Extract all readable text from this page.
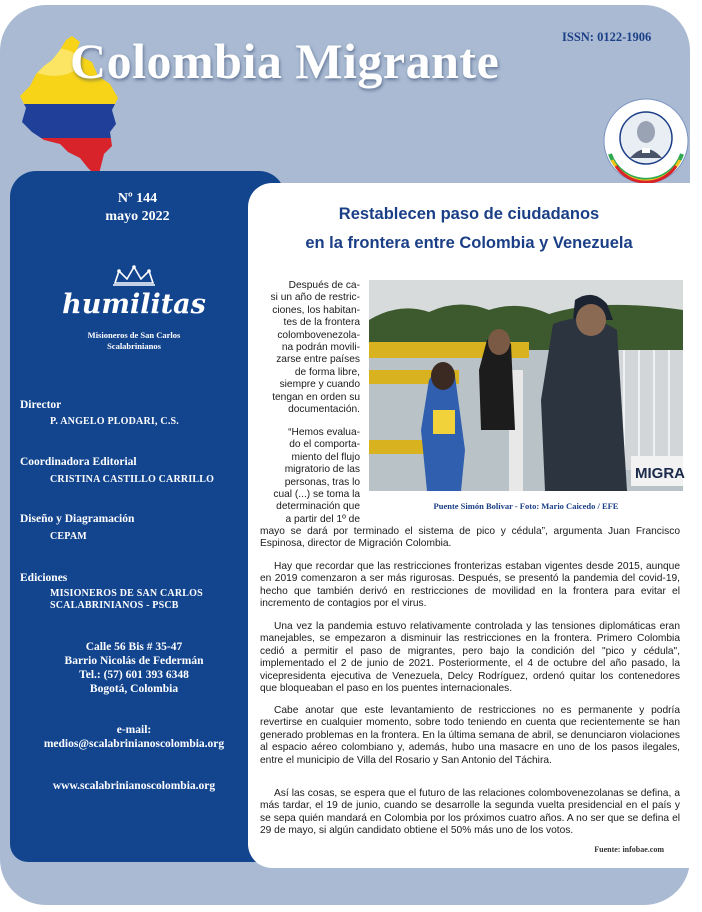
Colombia Migrante	ISSN: 0122-1906
Nº 144
mayo 2022
humilitas
Misioneros de San Carlos
Scalabrinianos
Director
P. ANGELO PLODARI, C.S.
Coordinadora Editorial
CRISTINA CASTILLO CARRILLO
Diseño y Diagramación
CEPAM
Ediciones
MISIONEROS DE SAN CARLOS
SCALABRINIANOS - PSCB
Calle 56 Bis # 35-47
Barrio Nicolás de Federmán
Tel.: (57) 601 393 6348
Bogotá, Colombia
e-mail:
medios@scalabrinianoscolombia.org
www.scalabrinianoscolombia.org
Restablecen paso de ciudadanos
en la frontera entre Colombia y Venezuela
MIGRA
Puente Simón Bolívar - Foto: Mario Caicedo / EFE
Después de ca-
si un año de restric-
ciones, los habitan-
tes de la frontera
colombovenezola-
na podrán movili-
zarse entre países
de forma libre,
siempre y cuando
tengan en orden su
documentación.
“Hemos evalua-
do el comporta-
miento del flujo
migratorio de las
personas, tras lo
cual (...) se toma la
determinación que
a partir del 1º de
mayo se dará por terminado el sistema de pico y cédula”, argumenta Juan Francisco Espinosa, director de Migración Colombia.
Hay que recordar que las restricciones fronterizas estaban vigentes desde 2015, aunque en 2019 comenzaron a ser más rigurosas. Después, se presentó la pandemia del covid-19, hecho que también derivó en restricciones de movilidad en la frontera para evitar el incremento de contagios por el virus.
Una vez la pandemia estuvo relativamente controlada y las tensiones diplomáticas eran manejables, se empezaron a disminuir las restricciones en la frontera. Primero Colombia cedió a permitir el paso de migrantes, pero bajo la condición del "pico y cédula", implementado el 2 de junio de 2021. Posteriormente, el 4 de octubre del año pasado, la vicepresidenta ejecutiva de Venezuela, Delcy Rodríguez, ordenó quitar los contenedores que bloqueaban el paso en los puentes internacionales.
Cabe anotar que este levantamiento de restricciones no es permanente y podría revertirse en cualquier momento, sobre todo teniendo en cuenta que recientemente se han generado problemas en la frontera. En la última semana de abril, se denunciaron violaciones al espacio aéreo colombiano y, además, hubo una masacre en uno de los pasos ilegales, entre el municipio de Villa del Rosario y San Antonio del Táchira.
Así las cosas, se espera que el futuro de las relaciones colombovenezolanas se defina, a más tardar, el 19 de junio, cuando se desarrolle la segunda vuelta presidencial en el país y se sepa quién mandará en Colombia por los próximos cuatro años. A no ser que se defina el 29 de mayo, si algún candidato obtiene el 50% más uno de los votos.
Fuente: infobae.com
